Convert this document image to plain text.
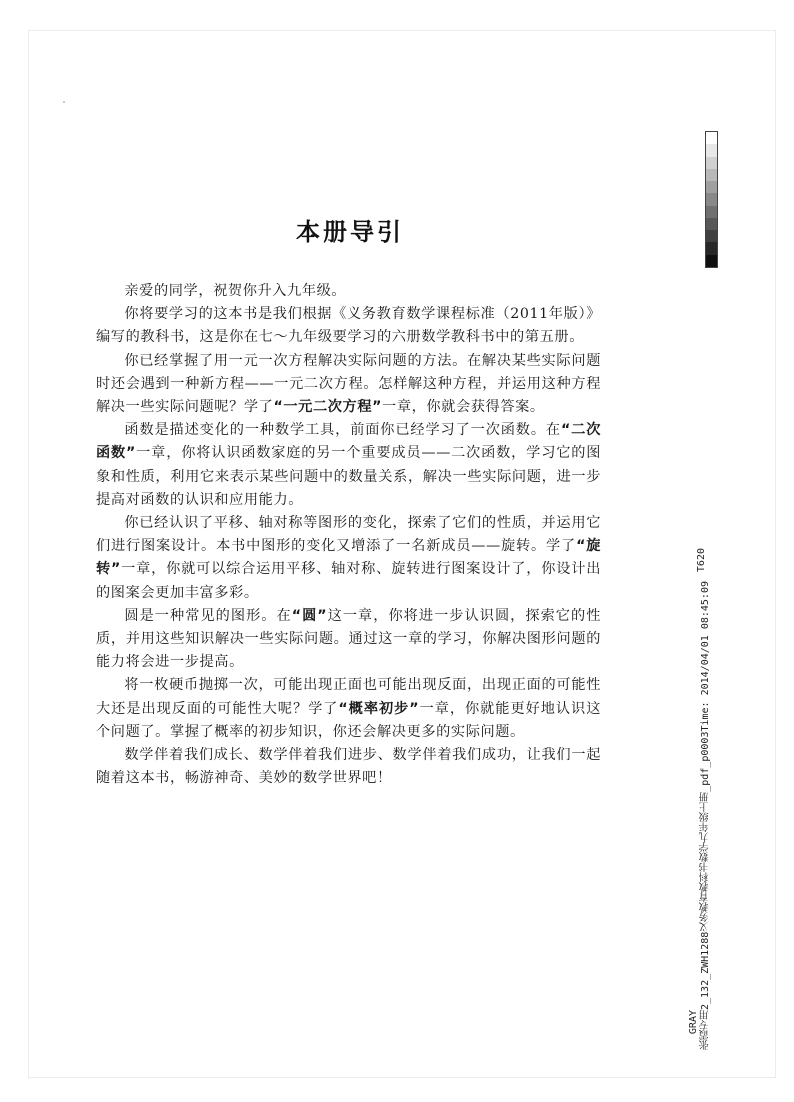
本册导引

亲爱的同学，祝贺你升入九年级。

你将要学习的这本书是我们根据《义务教育数学课程标准（2011年版）》编写的教科书，这是你在七～九年级要学习的六册数学教科书中的第五册。

你已经掌握了用一元一次方程解决实际问题的方法。在解决某些实际问题时还会遇到一种新方程——一元二次方程。怎样解这种方程，并运用这种方程解决一些实际问题呢？学了“一元二次方程”一章，你就会获得答案。

函数是描述变化的一种数学工具，前面你已经学习了一次函数。在“二次函数”一章，你将认识函数家庭的另一个重要成员——二次函数，学习它的图象和性质，利用它来表示某些问题中的数量关系，解决一些实际问题，进一步提高对函数的认识和应用能力。

你已经认识了平移、轴对称等图形的变化，探索了它们的性质，并运用它们进行图案设计。本书中图形的变化又增添了一名新成员——旋转。学了“旋转”一章，你就可以综合运用平移、轴对称、旋转进行图案设计了，你设计出的图案会更加丰富多彩。

圆是一种常见的图形。在“圆”这一章，你将进一步认识圆，探索它的性质，并用这些知识解决一些实际问题。通过这一章的学习，你解决图形问题的能力将会进一步提高。

将一枚硬币抛掷一次，可能出现正面也可能出现反面，出现正面的可能性大还是出现反面的可能性大呢？学了“概率初步”一章，你就能更好地认识这个问题了。掌握了概率的初步知识，你还会解决更多的实际问题。

数学伴着我们成长、数学伴着我们进步、数学伴着我们成功，让我们一起随着这本书，畅游神奇、美妙的数学世界吧！

T620
张霞专用2_132_ZWH1288义务教育教科书数学九年级上册_pdf_p0003Time: 2014/04/01 08:45:09
GRAY
